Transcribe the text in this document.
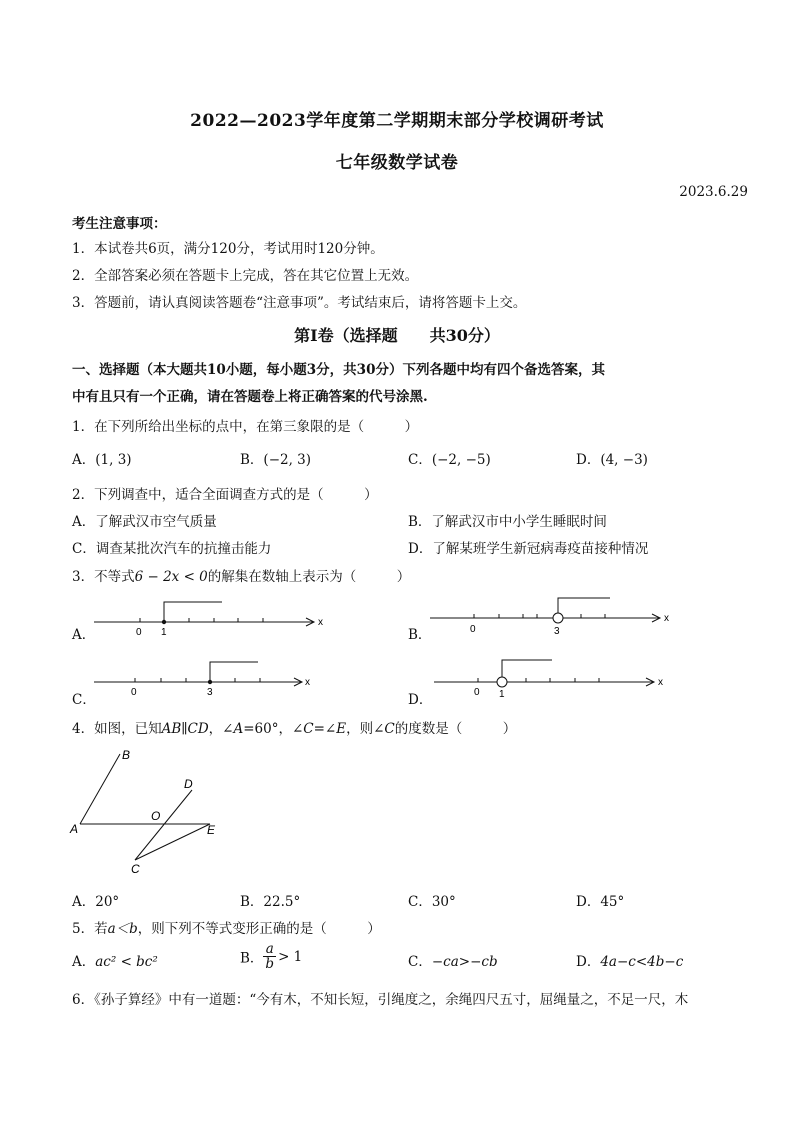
2022—2023学年度第二学期期末部分学校调研考试
七年级数学试卷
2023.6.29
考生注意事项：
1．本试卷共6页，满分120分，考试用时120分钟。
2．全部答案必须在答题卡上完成，答在其它位置上无效。
3．答题前，请认真阅读答题卷“注意事项”。考试结束后，请将答题卡上交。
第Ⅰ卷（选择题　　共30分）
一、选择题（本大题共10小题，每小题3分，共30分）下列各题中均有四个备选答案，其
中有且只有一个正确，请在答题卷上将正确答案的代号涂黑.
1．在下列所给出坐标的点中，在第三象限的是（　　　）
A．(1, 3)	B．(−2, 3)	C．(−2, −5)	D．(4, −3)
2．下列调查中，适合全面调查方式的是（　　　）
A．了解武汉市空气质量	B．了解武汉市中小学生睡眠时间
C．调查某批次汽车的抗撞击能力	D．了解某班学生新冠病毒疫苗接种情况
3．不等式6 − 2x < 0的解集在数轴上表示为（　　　）
A．	0 1
x
B．	0	3
x
C．	0	3
x
D．	0 1
x
4．如图，已知AB∥CD，∠A=60°，∠C=∠E，则∠C的度数是（　　　）
B
A
D
O
E
C
A．20°	B．22.5°	C．30°	D．45°
5．若a＜b，则下列不等式变形正确的是（　　　）
A．ac² < bc²	B． $\frac{a}{b} > 1$	C．−ca>−cb	D．4a−c<4b−c
6．《孙子算经》中有一道题：“今有木，不知长短，引绳度之，余绳四尺五寸，屈绳量之，不足一尺，木
